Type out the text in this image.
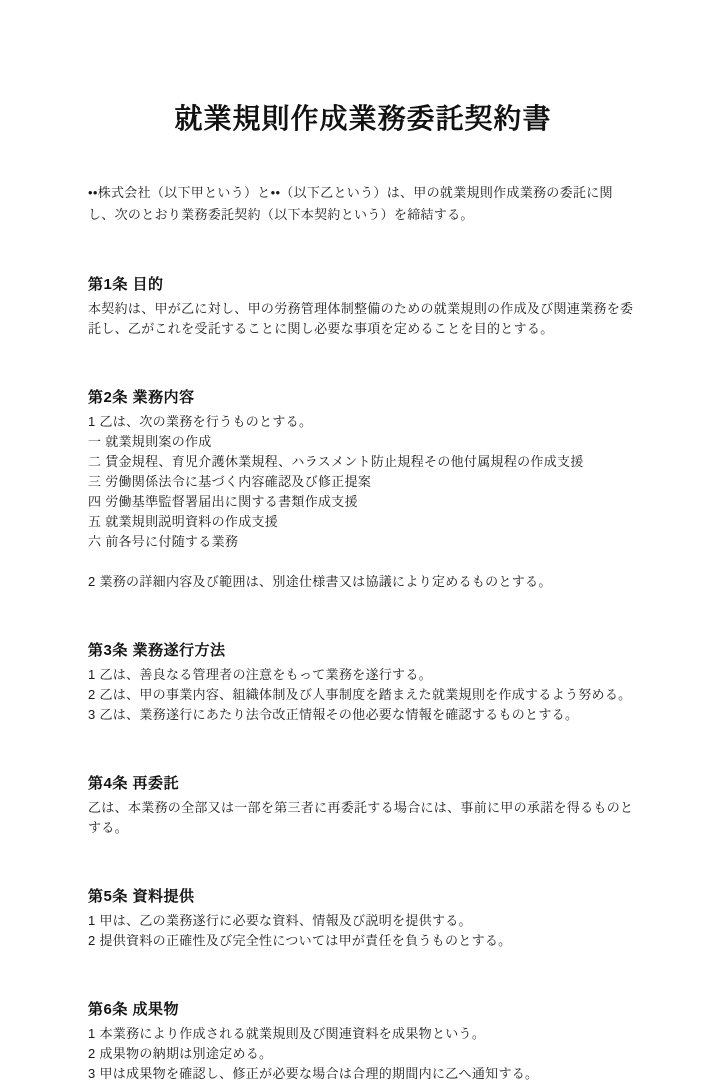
就業規則作成業務委託契約書

••株式会社（以下甲という）と••（以下乙という）は、甲の就業規則作成業務の委託に関し、次のとおり業務委託契約（以下本契約という）を締結する。

第1条 目的

本契約は、甲が乙に対し、甲の労務管理体制整備のための就業規則の作成及び関連業務を委託し、乙がこれを受託することに関し必要な事項を定めることを目的とする。

第2条 業務内容

1 乙は、次の業務を行うものとする。

一 就業規則案の作成

二 賃金規程、育児介護休業規程、ハラスメント防止規程その他付属規程の作成支援

三 労働関係法令に基づく内容確認及び修正提案

四 労働基準監督署届出に関する書類作成支援

五 就業規則説明資料の作成支援

六 前各号に付随する業務

2 業務の詳細内容及び範囲は、別途仕様書又は協議により定めるものとする。

第3条 業務遂行方法

1 乙は、善良なる管理者の注意をもって業務を遂行する。

2 乙は、甲の事業内容、組織体制及び人事制度を踏まえた就業規則を作成するよう努める。

3 乙は、業務遂行にあたり法令改正情報その他必要な情報を確認するものとする。

第4条 再委託

乙は、本業務の全部又は一部を第三者に再委託する場合には、事前に甲の承諾を得るものとする。

第5条 資料提供

1 甲は、乙の業務遂行に必要な資料、情報及び説明を提供する。

2 提供資料の正確性及び完全性については甲が責任を負うものとする。

第6条 成果物

1 本業務により作成される就業規則及び関連資料を成果物という。

2 成果物の納期は別途定める。

3 甲は成果物を確認し、修正が必要な場合は合理的期間内に乙へ通知する。
